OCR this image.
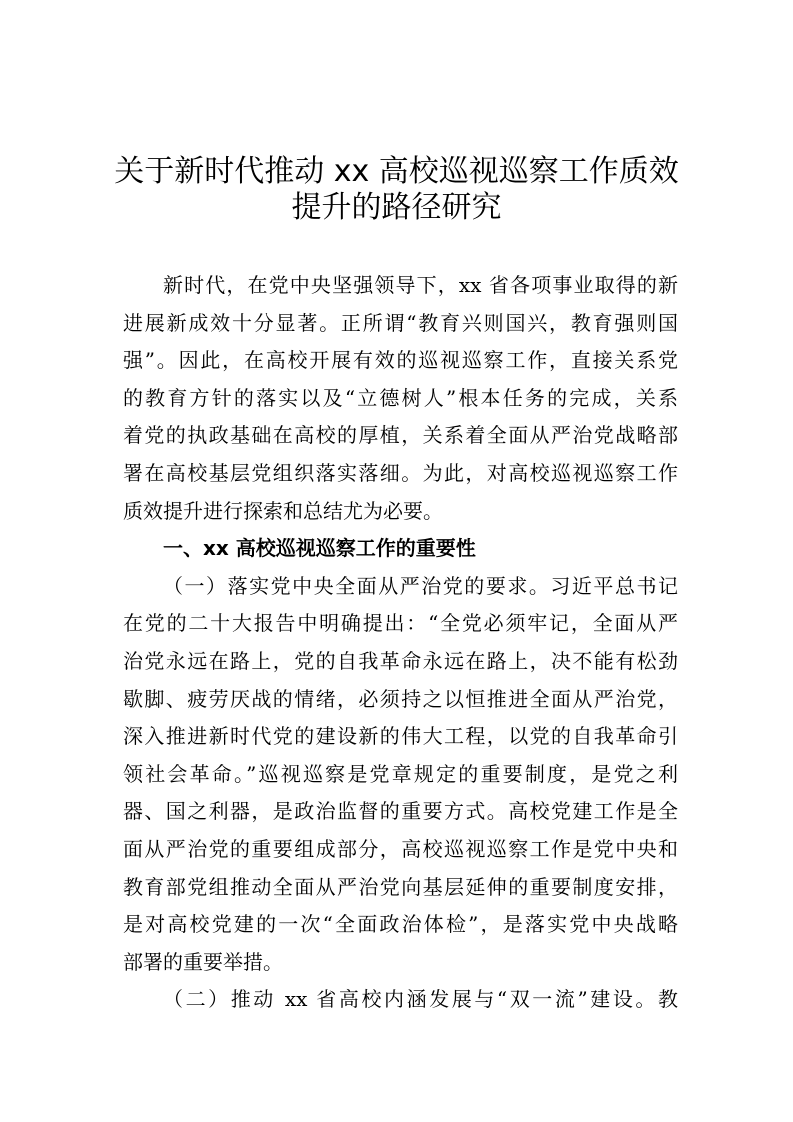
关于新时代推动 xx 高校巡视巡察工作质效
提升的路径研究
新时代，在党中央坚强领导下，xx 省各项事业取得的新
进展新成效十分显著。正所谓“教育兴则国兴，教育强则国
强”。因此，在高校开展有效的巡视巡察工作，直接关系党
的教育方针的落实以及“立德树人”根本任务的完成，关系
着党的执政基础在高校的厚植，关系着全面从严治党战略部
署在高校基层党组织落实落细。为此，对高校巡视巡察工作
质效提升进行探索和总结尤为必要。
一、xx 高校巡视巡察工作的重要性
（一）落实党中央全面从严治党的要求。习近平总书记
在党的二十大报告中明确提出：“全党必须牢记，全面从严
治党永远在路上，党的自我革命永远在路上，决不能有松劲
歇脚、疲劳厌战的情绪，必须持之以恒推进全面从严治党，
深入推进新时代党的建设新的伟大工程，以党的自我革命引
领社会革命。”巡视巡察是党章规定的重要制度，是党之利
器、国之利器，是政治监督的重要方式。高校党建工作是全
面从严治党的重要组成部分，高校巡视巡察工作是党中央和
教育部党组推动全面从严治党向基层延伸的重要制度安排，
是对高校党建的一次“全面政治体检”，是落实党中央战略
部署的重要举措。
（二）推动 xx 省高校内涵发展与“双一流”建设。教
